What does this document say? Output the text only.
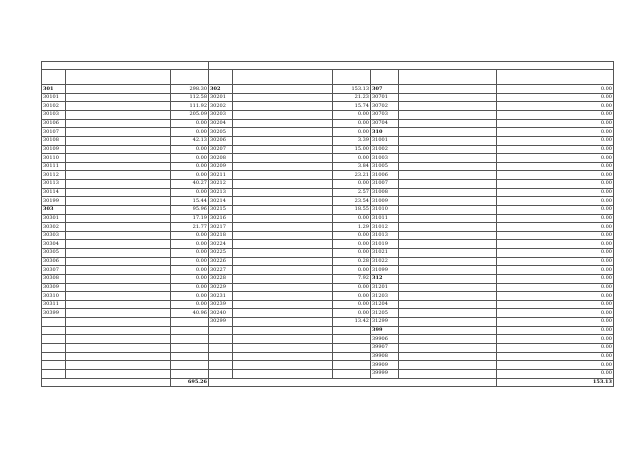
301		298.30	302		153.13	307		0.00
30101		112.58	30201		21.23	30701		0.00
30102		111.92	30202		15.74	30702		0.00
30103		205.09	30203		0.00	30703		0.00
30106		0.00	30204		0.00	30704		0.00
30107		0.00	30205		0.00	310		0.00
30108		42.13	30206		3.39	31001		0.00
30109		0.00	30207		15.00	31002		0.00
30110		0.00	30208		0.00	31003		0.00
30111		0.00	30209		3.84	31005		0.00
30112		0.00	30211		23.21	31006		0.00
30113		40.27	30212		0.00	31007		0.00
30114		0.00	30213		2.57	31008		0.00
30199		15.44	30214		23.54	31009		0.00
303		95.96	30215		18.55	31010		0.00
30301		17.19	30216		0.00	31011		0.00
30302		21.77	30217		1.29	31012		0.00
30303		0.00	30218		0.00	31013		0.00
30304		0.00	30224		0.00	31019		0.00
30305		0.00	30225		0.00	31021		0.00
30306		0.00	30226		0.28	31022		0.00
30307		0.00	30227		0.00	31099		0.00
30308		0.00	30228		7.92	312		0.00
30309		0.00	30229		0.00	31201		0.00
30310		0.00	30231		0.00	31203		0.00
30311		0.00	30239		0.00	31204		0.00
30399		40.96	30240		0.00	31205		0.00
			30299		13.42	31299		0.00
						399		0.00
						39906		0.00
						39907		0.00
						39908		0.00
						39909		0.00
						39999		0.00
		695.26						153.13
